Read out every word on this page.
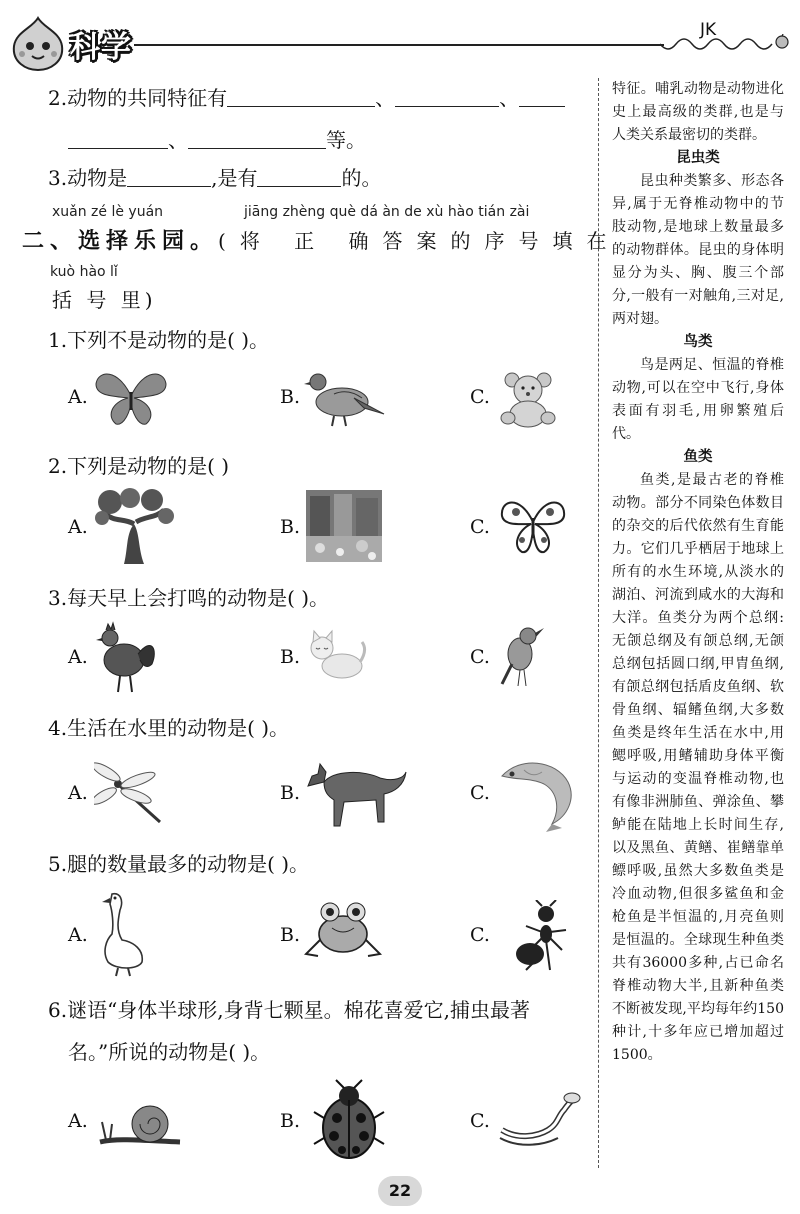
科学	JK
2.动物的共同特征有	、	、
、	等。
3.动物是	,是有	的。
xuǎn zé lè yuán	jiāng zhèng què dá àn de xù hào tián zài
二、选择乐园。(将 正 确答案的序号填在
kuò hào lǐ
括 号 里)
1.下列不是动物的是( )。
A.	B.	C.
2.下列是动物的是( )
A.	B.	C.
3.每天早上会打鸣的动物是( )。
A.	B.	C.
4.生活在水里的动物是( )。
A.	B.	C.
5.腿的数量最多的动物是( )。
A.	B.	C.
6.谜语“身体半球形,身背七颗星。棉花喜爱它,捕虫最著
名。”所说的动物是( )。
A.	B.	C.

特征。哺乳动物是动物进化史上最高级的类群,也是与人类关系最密切的类群。

昆虫类

昆虫种类繁多、形态各异,属于无脊椎动物中的节肢动物,是地球上数量最多的动物群体。昆虫的身体明显分为头、胸、腹三个部分,一般有一对触角,三对足,两对翅。

鸟类

鸟是两足、恒温的脊椎动物,可以在空中飞行,身体表面有羽毛,用卵繁殖后代。

鱼类

鱼类,是最古老的脊椎动物。部分不同染色体数目的杂交的后代依然有生育能力。它们几乎栖居于地球上所有的水生环境,从淡水的湖泊、河流到咸水的大海和大洋。鱼类分为两个总纲:无颌总纲及有颌总纲,无颌总纲包括圆口纲,甲胄鱼纲,有颌总纲包括盾皮鱼纲、软骨鱼纲、辐鳍鱼纲,大多数鱼类是终年生活在水中,用鳃呼吸,用鳍辅助身体平衡与运动的变温脊椎动物,也有像非洲肺鱼、弹涂鱼、攀鲈能在陆地上长时间生存,以及黑鱼、黄鳝、崔鳝靠单鳔呼吸,虽然大多数鱼类是冷血动物,但很多鲨鱼和金枪鱼是半恒温的,月亮鱼则是恒温的。全球现生种鱼类共有36000多种,占已命名脊椎动物大半,且新种鱼类不断被发现,平均每年约150种计,十多年应已增加超过1500。

22
